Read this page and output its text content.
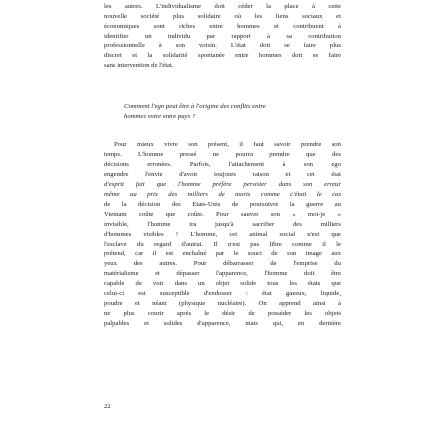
les autres. L'individualisme doit céder la place à cette
nouvelle société plus solidaire où les liens sociaux et
économiques sont riches entre hommes et contribuent à
identifier un individu par rapport à sa contribution
professionnelle à son voisin. L'état doit se faire plus
discret et la solidarité spontanée entre hommes doit se faire
sans intervention de l'état.
Comment l'ego peut être à l'origine des conflits entre
hommes voire entre pays ?
Pour mieux vivre son présent, il faut savoir prendre son
temps. L'homme pressé ne pourra prendre que des
décisions erronées. Parfois, l'attachement à son ego
engendre l'envie d'avoir toujours raison et cet état
d'esprit fait que l'homme préfère persister dans son erreur
même au prix des milliers de morts comme c'était le cas
de la décision des Etats-Unis de poursuivre la guerre au
Vietnam coûte que coûte. Pour sauver son « moi-je »
invisible, l'homme ira jusqu'à sacrifier des milliers
d'hommes visibles ! L'homme, cet animal social n'est que
l'esclave du regard d'autrui. Il n'est pas libre comme il le
prétend, car il est enchaîné par le souci de son image aux
yeux des autres. Pour débarrasser de l'emprise du
matérialisme et dépasser l'apparence, l'homme doit être
capable de voir dans un objet solide tous les états que
celui-ci est susceptible d'endosser : état gazeux, liquide,
poudre et néant (physique nucléaire). On apprend ainsi à
ne plus courir après le désir de posséder les objets
palpables et solides d'apparence, mais qui, en dernière
22
